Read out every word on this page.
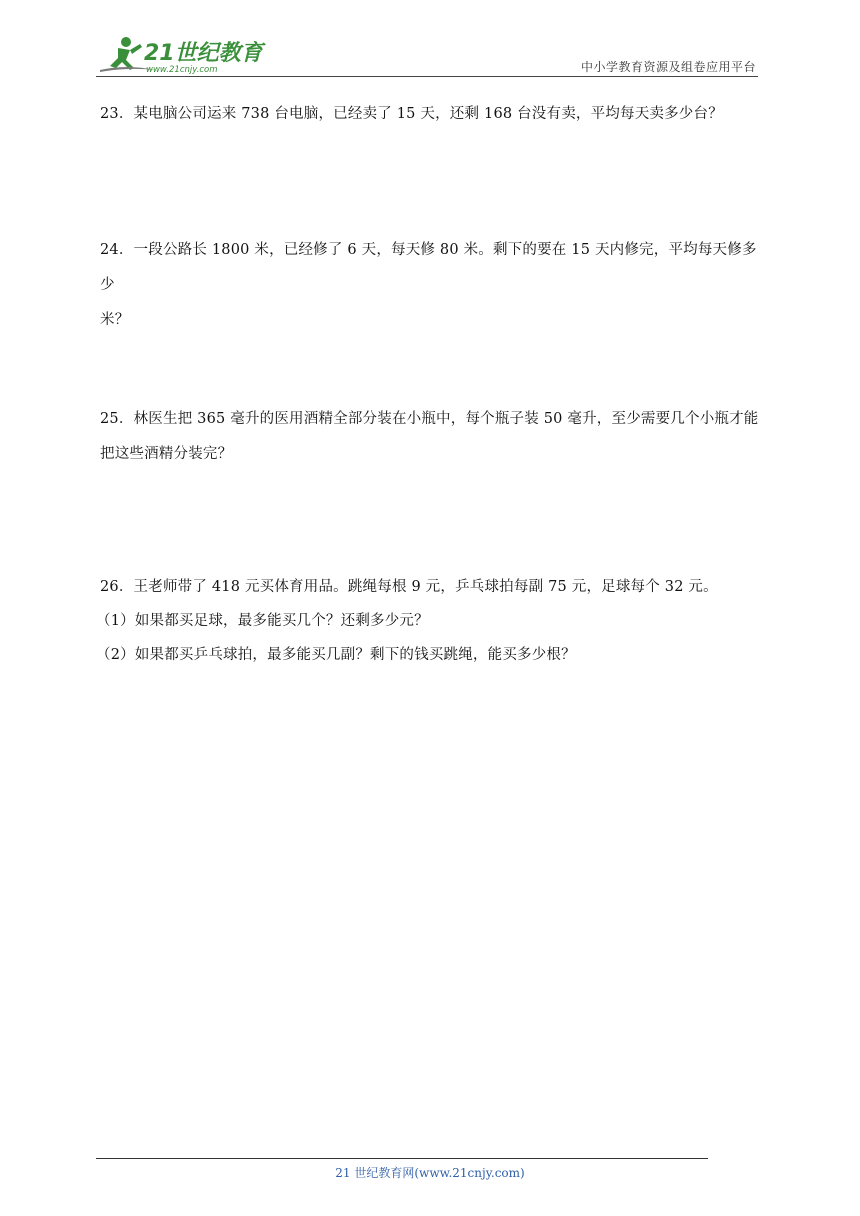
21世纪教育
www.21cnjy.com	中小学教育资源及组卷应用平台

23．某电脑公司运来 738 台电脑，已经卖了 15 天，还剩 168 台没有卖，平均每天卖多少台？

24．一段公路长 1800 米，已经修了 6 天，每天修 80 米。剩下的要在 15 天内修完，平均每天修多少

米？

25．林医生把 365 毫升的医用酒精全部分装在小瓶中，每个瓶子装 50 毫升，至少需要几个小瓶才能

把这些酒精分装完？

26．王老师带了 418 元买体育用品。跳绳每根 9 元，乒乓球拍每副 75 元，足球每个 32 元。

（1）如果都买足球，最多能买几个？还剩多少元？

（2）如果都买乒乓球拍，最多能买几副？剩下的钱买跳绳，能买多少根？

21 世纪教育网(www.21cnjy.com)
